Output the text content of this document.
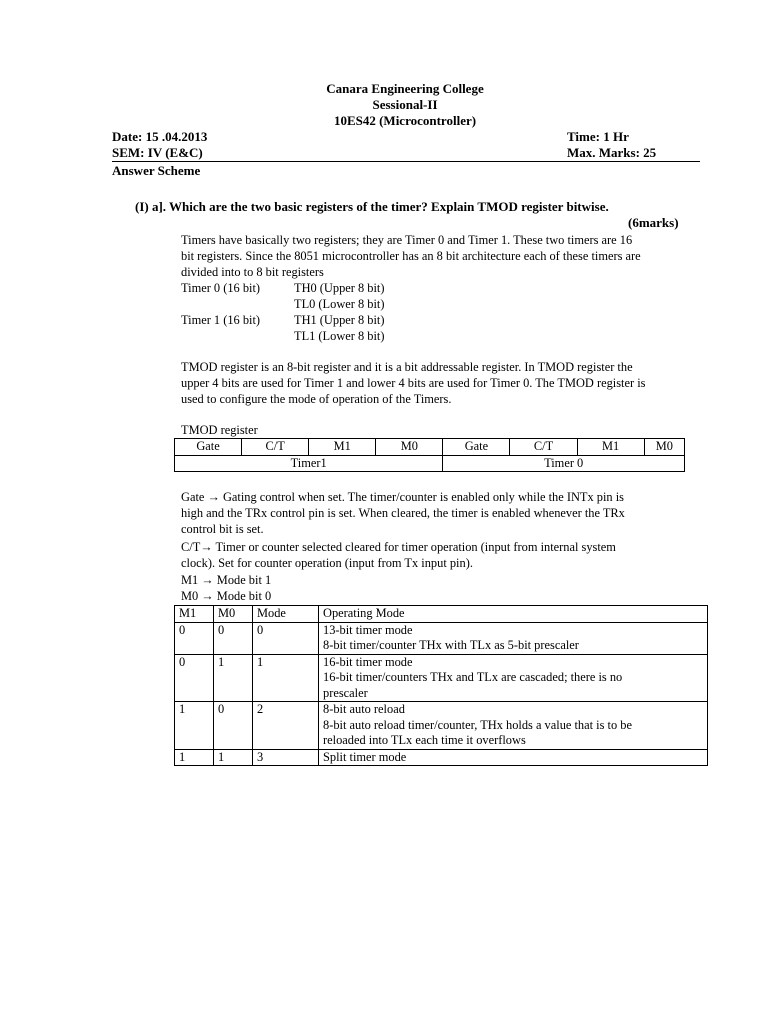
Canara Engineering College
Sessional-II
10ES42 (Microcontroller)
Date: 15 .04.2013	Time: 1 Hr
SEM: IV (E&C)	Max. Marks: 25
Answer Scheme
(I) a]. Which are the two basic registers of the timer? Explain TMOD register bitwise.
(6marks)
Timers have basically two registers; they are Timer 0 and Timer 1. These two timers are 16
bit registers. Since the 8051 microcontroller has an 8 bit architecture each of these timers are
divided into to 8 bit registers
Timer 0 (16 bit)	TH0 (Upper 8 bit)
TL0 (Lower 8 bit)
Timer 1 (16 bit)	TH1 (Upper 8 bit)
TL1 (Lower 8 bit)
TMOD register is an 8-bit register and it is a bit addressable register. In TMOD register the
upper 4 bits are used for Timer 1 and lower 4 bits are used for Timer 0. The TMOD register is
used to configure the mode of operation of the Timers.
TMOD register
Gate	C/T	M1	M0	Gate	C/T	M1	M0
Timer1				Timer 0			
Gate → Gating control when set. The timer/counter is enabled only while the INTx pin is
high and the TRx control pin is set. When cleared, the timer is enabled whenever the TRx
control bit is set.
C/T→ Timer or counter selected cleared for timer operation (input from internal system
clock). Set for counter operation (input from Tx input pin).
M1 → Mode bit 1
M0 → Mode bit 0
M1	M0	Mode	Operating Mode
0	0	0	13-bit timer mode
8-bit timer/counter THx with TLx as 5-bit prescaler

0	1	1	16-bit timer mode
16-bit timer/counters THx and TLx are cascaded; there is no
prescaler

1	0	2	8-bit auto reload
8-bit auto reload timer/counter, THx holds a value that is to be
reloaded into TLx each time it overflows

1	1	3	Split timer mode
